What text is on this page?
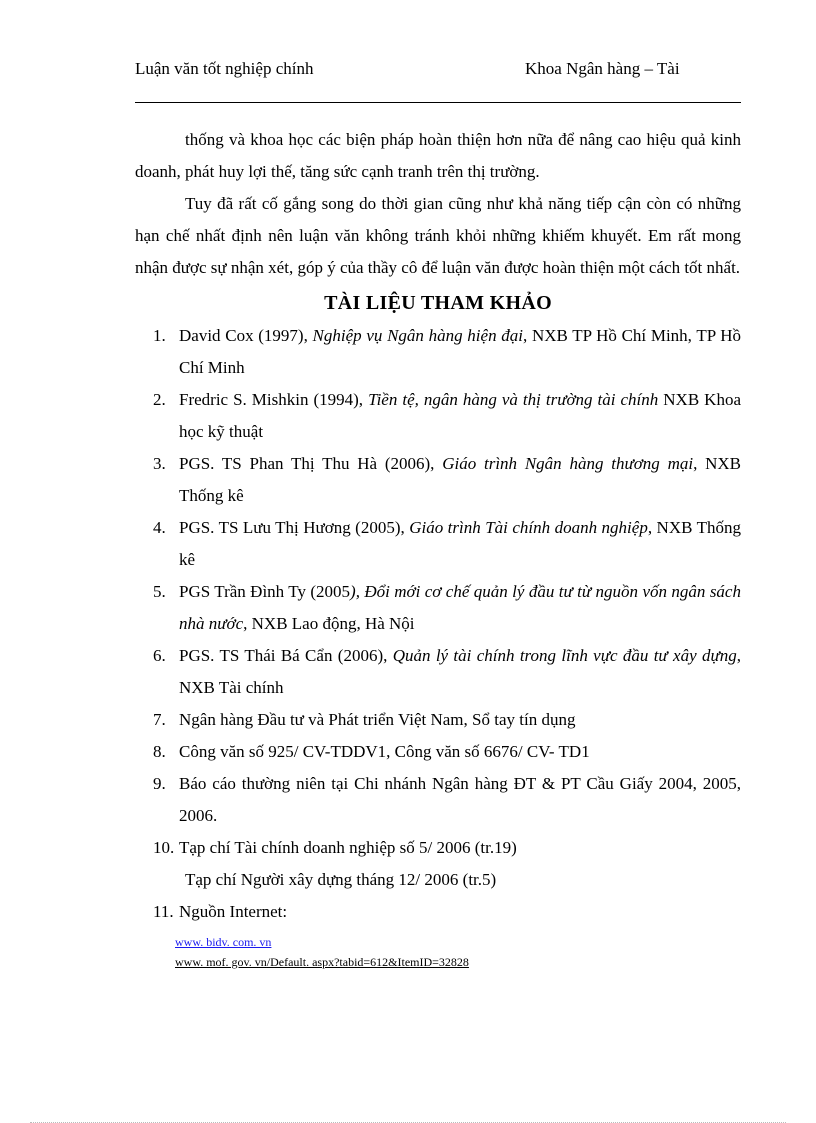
Luận văn tốt nghiệp chính	Khoa Ngân hàng – Tài

thống và khoa học các biện pháp hoàn thiện hơn nữa để nâng cao hiệu quả kinh doanh, phát huy lợi thế, tăng sức cạnh tranh trên thị trường.

Tuy đã rất cố gắng song do thời gian cũng như khả năng tiếp cận còn có những hạn chế nhất định nên luận văn không tránh khỏi những khiếm khuyết. Em rất mong nhận được sự nhận xét, góp ý của thầy cô để luận văn được hoàn thiện một cách tốt nhất.

TÀI LIỆU THAM KHẢO
1. David Cox (1997), Nghiệp vụ Ngân hàng hiện đại, NXB TP Hồ Chí Minh, TP Hồ Chí Minh
2. Fredric S. Mishkin (1994), Tiền tệ, ngân hàng và thị trường tài chính NXB Khoa học kỹ thuật
3. PGS. TS Phan Thị Thu Hà (2006), Giáo trình Ngân hàng thương mại, NXB Thống kê
4. PGS. TS Lưu Thị Hương (2005), Giáo trình Tài chính doanh nghiệp, NXB Thống kê
5. PGS Trần Đình Ty (2005), Đổi mới cơ chế quản lý đầu tư từ nguồn vốn ngân sách nhà nước, NXB Lao động, Hà Nội
6. PGS. TS Thái Bá Cẩn (2006), Quản lý tài chính trong lĩnh vực đầu tư xây dựng, NXB Tài chính
7. Ngân hàng Đầu tư và Phát triển Việt Nam, Sổ tay tín dụng
8. Công văn số 925/ CV-TDDV1, Công văn số 6676/ CV- TD1
9. Báo cáo thường niên tại Chi nhánh Ngân hàng ĐT & PT Cầu Giấy 2004, 2005, 2006.
10. Tạp chí Tài chính doanh nghiệp số 5/ 2006 (tr.19)
Tạp chí Người xây dựng tháng 12/ 2006 (tr.5)
11. Nguồn Internet:
www. bidv. com. vn
www. mof. gov. vn/Default. aspx?tabid=612&ItemID=32828
